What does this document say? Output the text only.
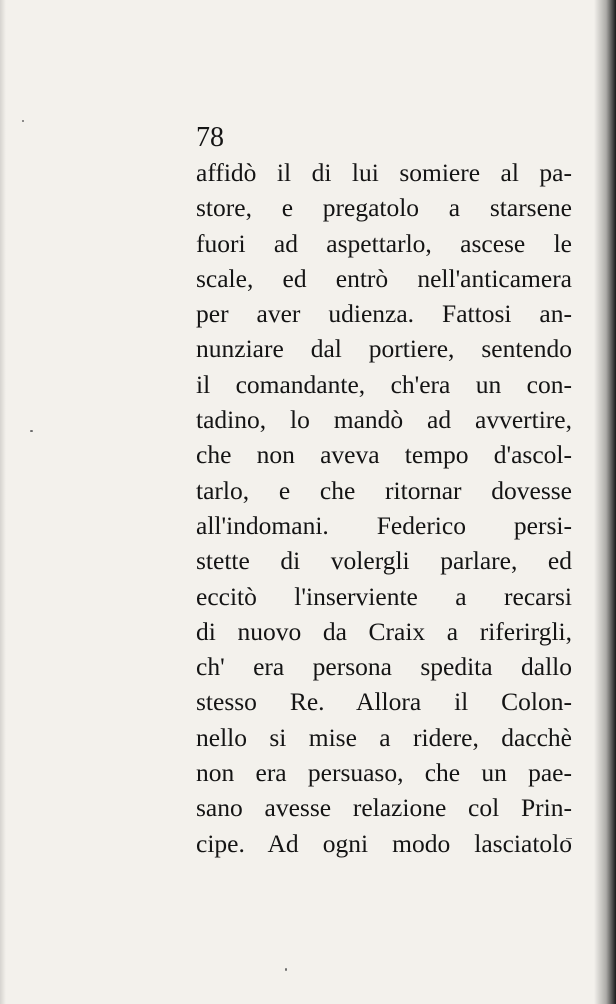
78
affidò il di lui somiere al pa-
store, e pregatolo a starsene
fuori ad aspettarlo, ascese le
scale, ed entrò nell'anticamera
per aver udienza. Fattosi an-
nunziare dal portiere, sentendo
il comandante, ch'era un con-
tadino, lo mandò ad avvertire,
che non aveva tempo d'ascol-
tarlo, e che ritornar dovesse
all'indomani. Federico persi-
stette di volergli parlare, ed
eccitò l'inserviente a recarsi
di nuovo da Craix a riferirgli,
ch' era persona spedita dallo
stesso Re. Allora il Colon-
nello si mise a ridere, dacchè
non era persuaso, che un pae-
sano avesse relazione col Prin-
cipe. Ad ogni modo lasciatolo
